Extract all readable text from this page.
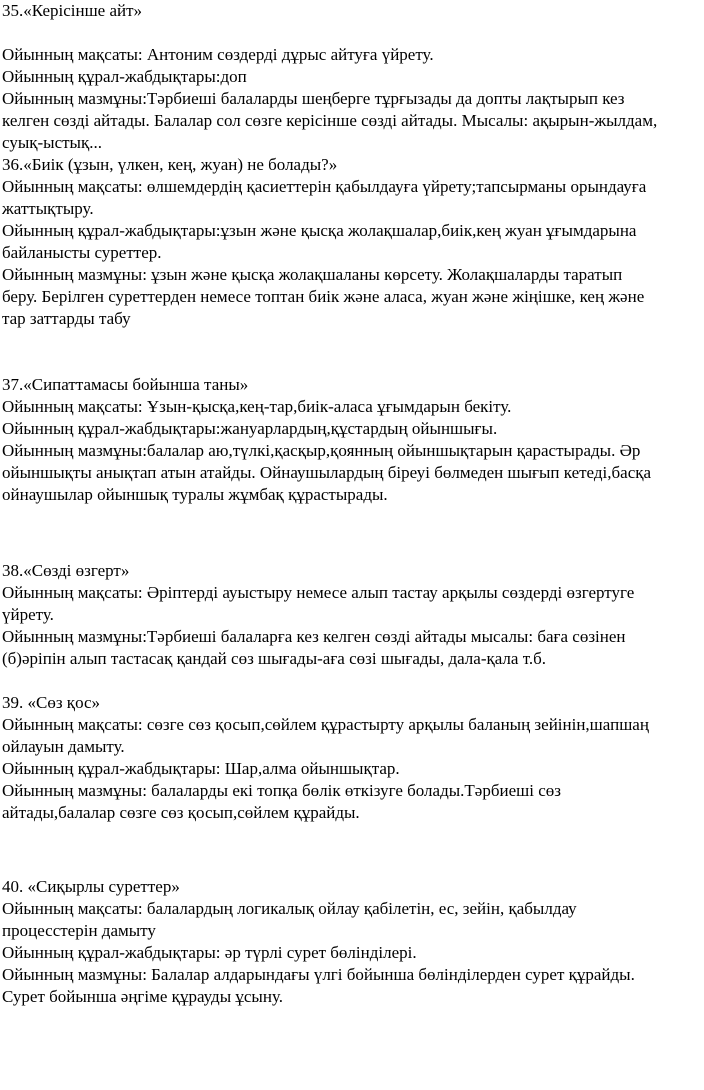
35.«Керісінше айт»
Ойынның мақсаты: Антоним сөздерді дұрыс айтуға үйрету.
Ойынның құрал-жабдықтары:доп
Ойынның мазмұны:Тәрбиеші балаларды шеңберге тұрғызады да допты лақтырып кез
келген сөзді айтады. Балалар сол сөзге керісінше сөзді айтады. Мысалы: ақырын-жылдам,
суық-ыстық...
36.«Биік (ұзын, үлкен, кең, жуан) не болады?»
Ойынның мақсаты: өлшемдердің қасиеттерін қабылдауға үйрету;тапсырманы орындауға
жаттықтыру.
Ойынның құрал-жабдықтары:ұзын және қысқа жолақшалар,биік,кең жуан ұғымдарына
байланысты суреттер.
Ойынның мазмұны: ұзын және қысқа жолақшаланы көрсету. Жолақшаларды таратып
беру. Берілген суреттерден немесе топтан биік және аласа, жуан және жіңішке, кең және
тар заттарды табу
37.«Сипаттамасы бойынша таны»
Ойынның мақсаты: Ұзын-қысқа,кең-тар,биік-аласа ұғымдарын бекіту.
Ойынның құрал-жабдықтары:жануарлардың,құстардың ойыншығы.
Ойынның мазмұны:балалар аю,түлкі,қасқыр,қоянның ойыншықтарын қарастырады. Әр
ойыншықты анықтап атын атайды. Ойнаушылардың біреуі бөлмеден шығып кетеді,басқа
ойнаушылар ойыншық туралы жұмбақ құрастырады.
38.«Сөзді өзгерт»
Ойынның мақсаты: Әріптерді ауыстыру немесе алып тастау арқылы сөздерді өзгертуге
үйрету.
Ойынның мазмұны:Тәрбиеші балаларға кез келген сөзді айтады мысалы: баға сөзінен
(б)әріпін алып тастасақ қандай сөз шығады-аға сөзі шығады, дала-қала т.б.
39. «Сөз қос»
Ойынның мақсаты: сөзге сөз қосып,сөйлем құрастырту арқылы баланың зейінін,шапшаң
ойлауын дамыту.
Ойынның құрал-жабдықтары: Шар,алма ойыншықтар.
Ойынның мазмұны: балаларды екі топқа бөлік өткізуге болады.Тәрбиеші сөз
айтады,балалар сөзге сөз қосып,сөйлем құрайды.
40. «Сиқырлы суреттер»
Ойынның мақсаты: балалардың логикалық ойлау қабілетін, ес, зейін, қабылдау
процесстерін дамыту
Ойынның құрал-жабдықтары: әр түрлі сурет бөлінділері.
Ойынның мазмұны: Балалар алдарындағы үлгі бойынша бөлінділерден сурет құрайды.
Сурет бойынша әңгіме құрауды ұсыну.
